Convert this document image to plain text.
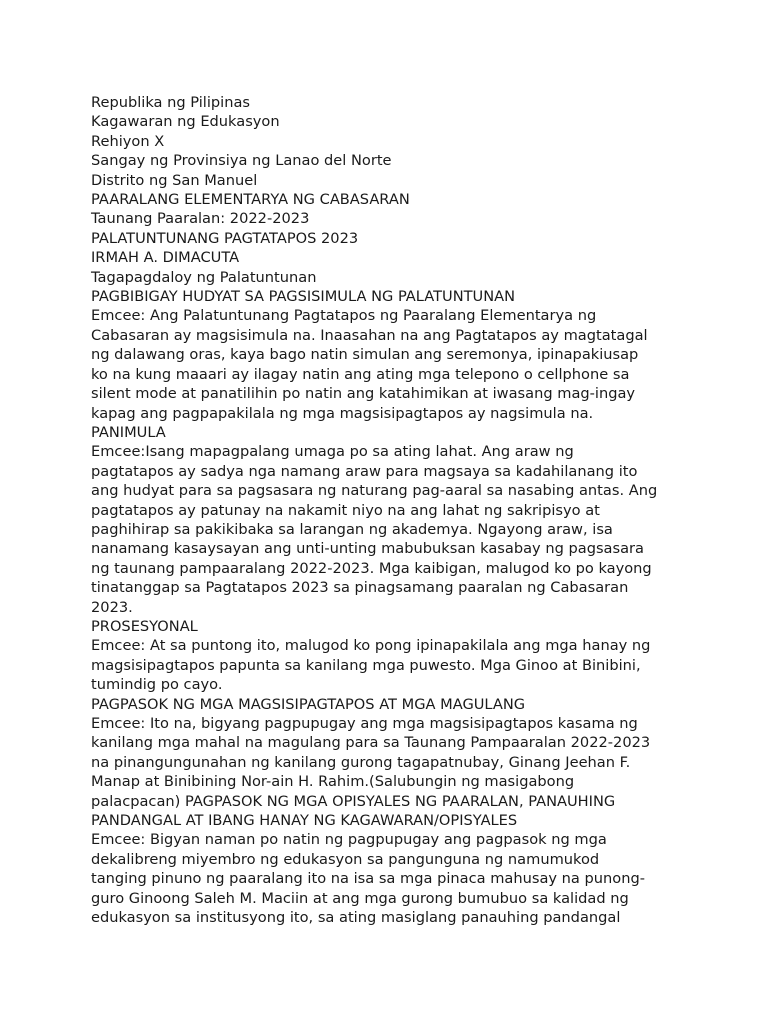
Republika ng Pilipinas
Kagawaran ng Edukasyon
Rehiyon X
Sangay ng Provinsiya ng Lanao del Norte
Distrito ng San Manuel
PAARALANG ELEMENTARYA NG CABASARAN
Taunang Paaralan: 2022-2023
PALATUNTUNANG PAGTATAPOS 2023
IRMAH A. DIMACUTA
Tagapagdaloy ng Palatuntunan
PAGBIBIGAY HUDYAT SA PAGSISIMULA NG PALATUNTUNAN
Emcee: Ang Palatuntunang Pagtatapos ng Paaralang Elementarya ng
Cabasaran ay magsisimula na. Inaasahan na ang Pagtatapos ay magtatagal
ng dalawang oras, kaya bago natin simulan ang seremonya, ipinapakiusap
ko na kung maaari ay ilagay natin ang ating mga telepono o cellphone sa
silent mode at panatilihin po natin ang katahimikan at iwasang mag-ingay
kapag ang pagpapakilala ng mga magsisipagtapos ay nagsimula na.
PANIMULA
Emcee:Isang mapagpalang umaga po sa ating lahat. Ang araw ng
pagtatapos ay sadya nga namang araw para magsaya sa kadahilanang ito
ang hudyat para sa pagsasara ng naturang pag-aaral sa nasabing antas. Ang
pagtatapos ay patunay na nakamit niyo na ang lahat ng sakripisyo at
paghihirap sa pakikibaka sa larangan ng akademya. Ngayong araw, isa
nanamang kasaysayan ang unti-unting mabubuksan kasabay ng pagsasara
ng taunang pampaaralang 2022-2023. Mga kaibigan, malugod ko po kayong
tinatanggap sa Pagtatapos 2023 sa pinagsamang paaralan ng Cabasaran
2023.
PROSESYONAL
Emcee: At sa puntong ito, malugod ko pong ipinapakilala ang mga hanay ng
magsisipagtapos papunta sa kanilang mga puwesto. Mga Ginoo at Binibini,
tumindig po cayo.
PAGPASOK NG MGA MAGSISIPAGTAPOS AT MGA MAGULANG
Emcee: Ito na, bigyang pagpupugay ang mga magsisipagtapos kasama ng
kanilang mga mahal na magulang para sa Taunang Pampaaralan 2022-2023
na pinangungunahan ng kanilang gurong tagapatnubay, Ginang Jeehan F.
Manap at Binibining Nor-ain H. Rahim.(Salubungin ng masigabong
palacpacan) PAGPASOK NG MGA OPISYALES NG PAARALAN, PANAUHING
PANDANGAL AT IBANG HANAY NG KAGAWARAN/OPISYALES
Emcee: Bigyan naman po natin ng pagpupugay ang pagpasok ng mga
dekalibreng miyembro ng edukasyon sa pangunguna ng namumukod
tanging pinuno ng paaralang ito na isa sa mga pinaca mahusay na punong-
guro Ginoong Saleh M. Maciin at ang mga gurong bumubuo sa kalidad ng
edukasyon sa institusyong ito, sa ating masiglang panauhing pandangal
